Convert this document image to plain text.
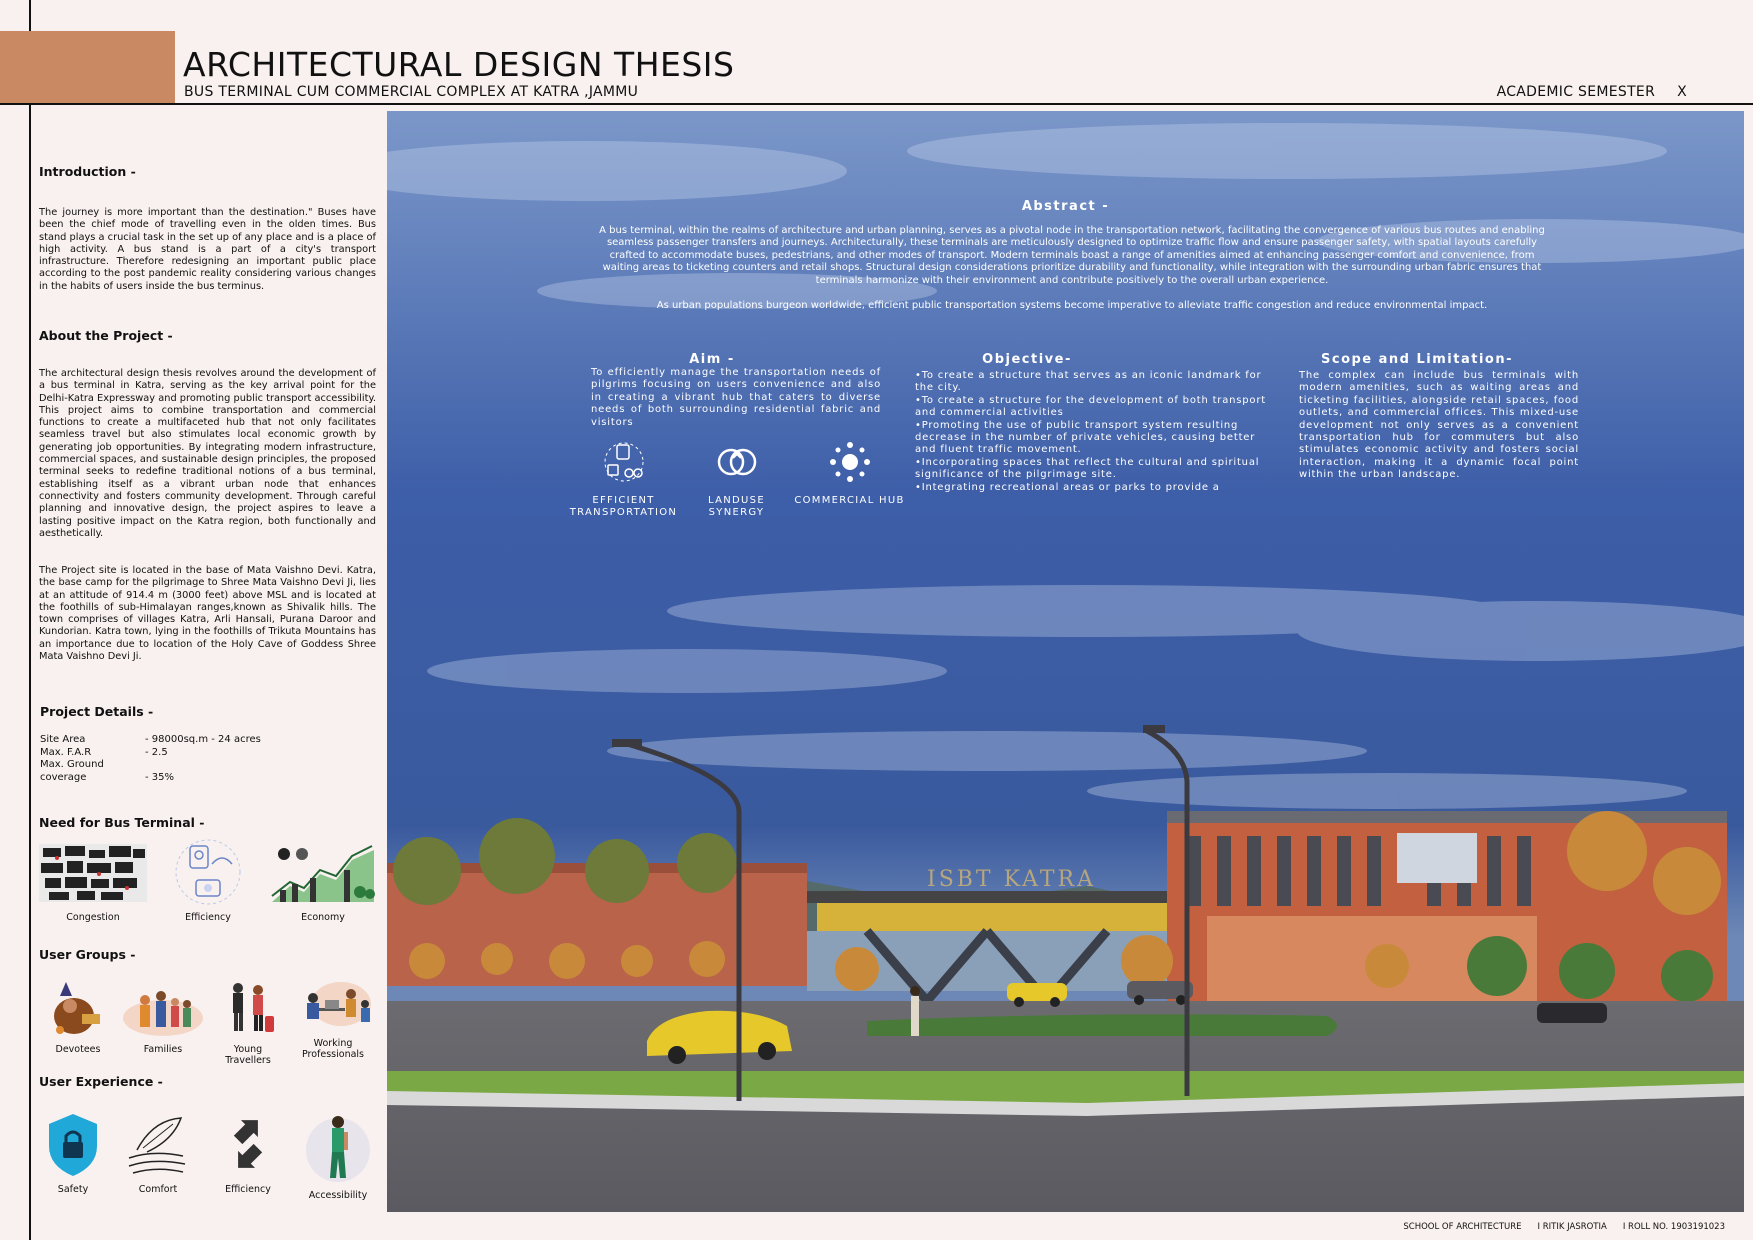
ARCHITECTURAL DESIGN THESIS
BUS TERMINAL CUM COMMERCIAL COMPLEX AT KATRA ,JAMMU	ACADEMIC SEMESTER X
Introduction -
The journey is more important than the destination." Buses have been the chief mode of travelling even in the olden times. Bus stand plays a crucial task in the set up of any place and is a place of high activity. A bus stand is a part of a city's transport infrastructure. Therefore redesigning an important public place according to the post pandemic reality considering various changes in the habits of users inside the bus terminus.
About the Project -
The architectural design thesis revolves around the development of a bus terminal in Katra, serving as the key arrival point for the Delhi-Katra Expressway and promoting public transport accessibility. This project aims to combine transportation and commercial functions to create a multifaceted hub that not only facilitates seamless travel but also stimulates local economic growth by generating job opportunities. By integrating modern infrastructure, commercial spaces, and sustainable design principles, the proposed terminal seeks to redefine traditional notions of a bus terminal, establishing itself as a vibrant urban node that enhances connectivity and fosters community development. Through careful planning and innovative design, the project aspires to leave a lasting positive impact on the Katra region, both functionally and aesthetically.
The Project site is located in the base of Mata Vaishno Devi. Katra, the base camp for the pilgrimage to Shree Mata Vaishno Devi Ji, lies at an attitude of 914.4 m (3000 feet) above MSL and is located at the foothills of sub-Himalayan ranges,known as Shivalik hills. The town comprises of villages Katra, Arli Hansali, Purana Daroor and Kundorian. Katra town, lying in the foothills of Trikuta Mountains has an importance due to location of the Holy Cave of Goddess Shree Mata Vaishno Devi Ji.
Project Details -
Site Area	- 98000sq.m - 24 acres
Max. F.A.R	- 2.5
Max. Ground
coverage	- 35%
Need for Bus Terminal -
Congestion	Efficiency	Economy
User Groups -
Devotees	Families	Young Travellers
Working Professionals
User Experience -
Safety	Comfort	Efficiency
Accessibility
Abstract -
A bus terminal, within the realms of architecture and urban planning, serves as a pivotal node in the transportation network, facilitating the convergence of various bus routes and enabling seamless passenger transfers and journeys. Architecturally, these terminals are meticulously designed to optimize traffic flow and ensure passenger safety, with spatial layouts carefully crafted to accommodate buses, pedestrians, and other modes of transport. Modern terminals boast a range of amenities aimed at enhancing passenger comfort and convenience, from waiting areas to ticketing counters and retail shops. Structural design considerations prioritize durability and functionality, while integration with the surrounding urban fabric ensures that terminals harmonize with their environment and contribute positively to the overall urban experience.
As urban populations burgeon worldwide, efficient public transportation systems become imperative to alleviate traffic congestion and reduce environmental impact.
Aim -
To efficiently manage the transportation needs of pilgrims focusing on users convenience and also in creating a vibrant hub that caters to diverse needs of both surrounding residential fabric and visitors
EFFICIENT TRANSPORTATION
LANDUSE SYNERGY
COMMERCIAL HUB
Objective-
•To create a structure that serves as an iconic landmark for the city.
•To create a structure for the development of both transport and commercial activities
•Promoting the use of public transport system resulting decrease in the number of private vehicles, causing better and fluent traffic movement.
•Incorporating spaces that reflect the cultural and spiritual significance of the pilgrimage site.
•Integrating recreational areas or parks to provide a
Scope and Limitation-
The complex can include bus terminals with modern amenities, such as waiting areas and ticketing facilities, alongside retail spaces, food outlets, and commercial offices. This mixed-use development not only serves as a convenient transportation hub for commuters but also stimulates economic activity and fosters social interaction, making it a dynamic focal point within the urban landscape.
ISBT KATRA
SCHOOL OF ARCHITECTURE I RITIK JASROTIA I ROLL NO. 1903191023
